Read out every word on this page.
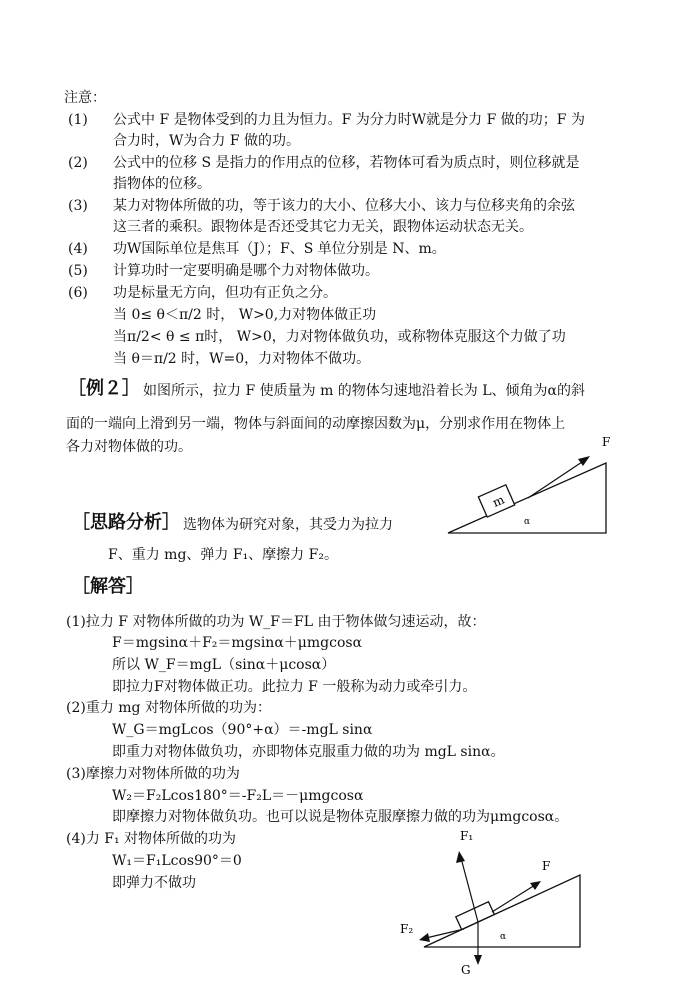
注意：
(1) 公式中 F 是物体受到的力且为恒力。F 为分力时W就是分力 F 做的功；F 为
合力时，W为合力 F 做的功。
(2) 公式中的位移 S 是指力的作用点的位移，若物体可看为质点时，则位移就是
指物体的位移。
(3) 某力对物体所做的功，等于该力的大小、位移大小、该力与位移夹角的余弦
这三者的乘积。跟物体是否还受其它力无关，跟物体运动状态无关。
(4) 功W国际单位是焦耳（J）；F、S 单位分别是 N、m。
(5) 计算功时一定要明确是哪个力对物体做功。
(6) 功是标量无方向，但功有正负之分。
当 0≤ θ＜π/2 时， W>0,力对物体做正功
当π/2< θ ≤ π时， W>0，力对物体做负功，或称物体克服这个力做了功
当 θ＝π/2 时，W=0，力对物体不做功。
［例２］ 如图所示，拉力 F 使质量为 m 的物体匀速地沿着长为 L、倾角为α的斜
面的一端向上滑到另一端，物体与斜面间的动摩擦因数为μ，分别求作用在物体上
各力对物体做的功。
m
F
α
［思路分析］ 选物体为研究对象，其受力为拉力
F、重力 mg、弹力 F₁、摩擦力 F₂。
［解答］
(1)拉力 F 对物体所做的功为 W_F＝FL 由于物体做匀速运动，故：
F＝mgsinα＋F₂＝mgsinα＋μmgcosα
所以 W_F＝mgL（sinα＋μcosα）
即拉力F对物体做正功。此拉力 F 一般称为动力或牵引力。
(2)重力 mg 对物体所做的功为：
W_G＝mgLcos（90°+α）＝-mgL sinα
即重力对物体做负功，亦即物体克服重力做的功为 mgL sinα。
(3)摩擦力对物体所做的功为
W₂＝F₂Lcos180°＝-F₂L＝－μmgcosα
即摩擦力对物体做负功。也可以说是物体克服摩擦力做的功为μmgcosα。
(4)力 F₁ 对物体所做的功为
W₁＝F₁Lcos90°＝0
即弹力不做功
F₁
F
F₂
G
α
